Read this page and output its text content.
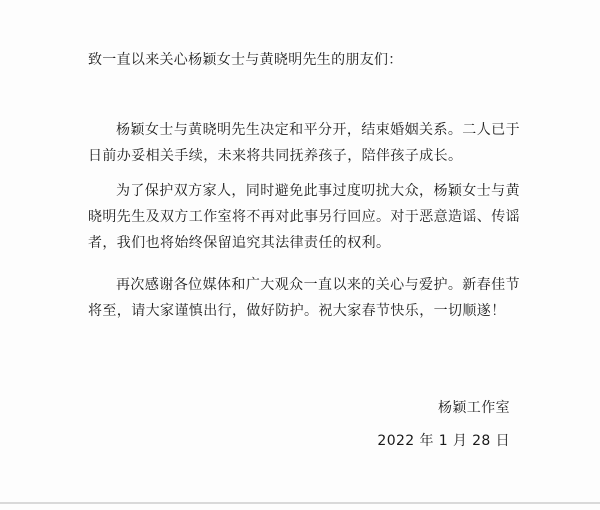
致一直以来关心杨颖女士与黄晓明先生的朋友们：

杨颖女士与黄晓明先生决定和平分开，结束婚姻关系。二人已于日前办妥相关手续，未来将共同抚养孩子，陪伴孩子成长。

为了保护双方家人，同时避免此事过度叨扰大众，杨颖女士与黄晓明先生及双方工作室将不再对此事另行回应。对于恶意造谣、传谣者，我们也将始终保留追究其法律责任的权利。

再次感谢各位媒体和广大观众一直以来的关心与爱护。新春佳节将至，请大家谨慎出行，做好防护。祝大家春节快乐，一切顺遂！

杨颖工作室
2022 年 1 月 28 日
